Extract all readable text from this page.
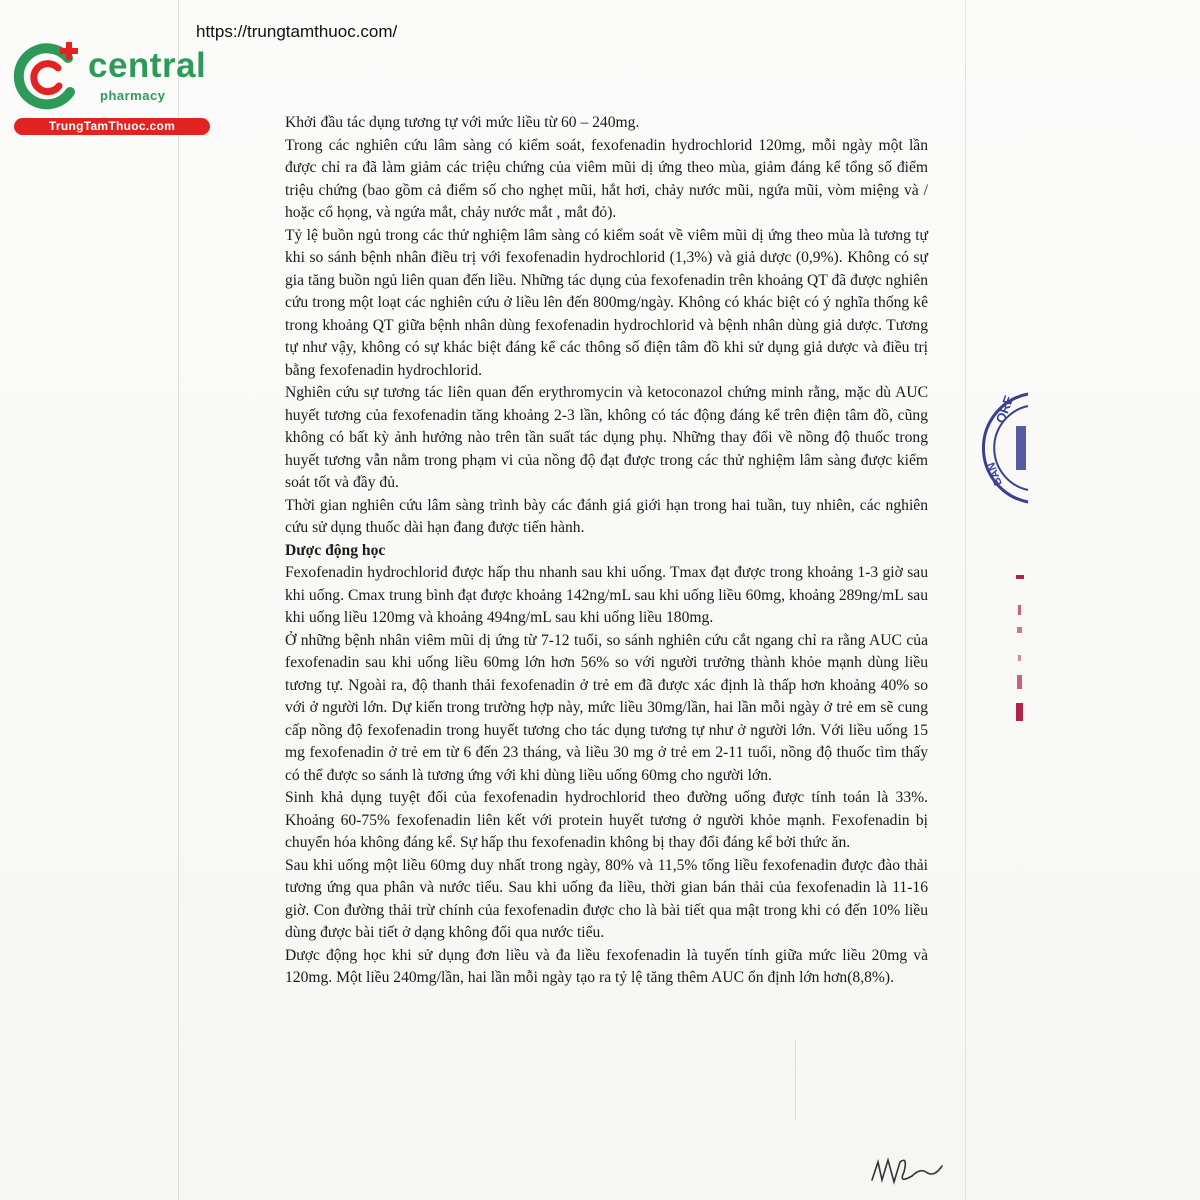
https://trungtamthuoc.com/
central
pharmacy
TrungTamThuoc.com	Khởi đầu tác dụng tương tự với mức liều từ 60 – 240mg.

Trong các nghiên cứu lâm sàng có kiểm soát, fexofenadin hydrochlorid 120mg, mỗi ngày một lần được chỉ ra đã làm giảm các triệu chứng của viêm mũi dị ứng theo mùa, giảm đáng kể tổng số điểm triệu chứng (bao gồm cả điểm số cho nghẹt mũi, hắt hơi, chảy nước mũi, ngứa mũi, vòm miệng và / hoặc cổ họng, và ngứa mắt, chảy nước mắt , mắt đỏ).

Tỷ lệ buồn ngủ trong các thử nghiệm lâm sàng có kiểm soát về viêm mũi dị ứng theo mùa là tương tự khi so sánh bệnh nhân điều trị với fexofenadin hydrochlorid (1,3%) và giả dược (0,9%). Không có sự gia tăng buồn ngủ liên quan đến liều. Những tác dụng của fexofenadin trên khoảng QT đã được nghiên cứu trong một loạt các nghiên cứu ở liều lên đến 800mg/ngày. Không có khác biệt có ý nghĩa thống kê trong khoảng QT giữa bệnh nhân dùng fexofenadin hydrochlorid và bệnh nhân dùng giả dược. Tương tự như vậy, không có sự khác biệt đáng kể các thông số điện tâm đồ khi sử dụng giả dược và điều trị bằng fexofenadin hydrochlorid.

Nghiên cứu sự tương tác liên quan đến erythromycin và ketoconazol chứng minh rằng, mặc dù AUC huyết tương của fexofenadin tăng khoảng 2-3 lần, không có tác động đáng kể trên điện tâm đồ, cũng không có bất kỳ ảnh hưởng nào trên tần suất tác dụng phụ. Những thay đổi về nồng độ thuốc trong huyết tương vẫn nằm trong phạm vi của nồng độ đạt được trong các thử nghiệm lâm sàng được kiểm soát tốt và đầy đủ.

Thời gian nghiên cứu lâm sàng trình bày các đánh giá giới hạn trong hai tuần, tuy nhiên, các nghiên cứu sử dụng thuốc dài hạn đang được tiến hành.

Dược động học

Fexofenadin hydrochlorid được hấp thu nhanh sau khi uống. Tmax đạt được trong khoảng 1-3 giờ sau khi uống. Cmax trung bình đạt được khoảng 142ng/mL sau khi uống liều 60mg, khoảng 289ng/mL sau khi uống liều 120mg và khoảng 494ng/mL sau khi uống liều 180mg.

Ở những bệnh nhân viêm mũi dị ứng từ 7-12 tuổi, so sánh nghiên cứu cắt ngang chỉ ra rằng AUC của fexofenadin sau khi uống liều 60mg lớn hơn 56% so với người trưởng thành khỏe mạnh dùng liều tương tự. Ngoài ra, độ thanh thải fexofenadin ở trẻ em đã được xác định là thấp hơn khoảng 40% so với ở người lớn. Dự kiến trong trường hợp này, mức liều 30mg/lần, hai lần mỗi ngày ở trẻ em sẽ cung cấp nồng độ fexofenadin trong huyết tương cho tác dụng tương tự như ở người lớn. Với liều uống 15 mg fexofenadin ở trẻ em từ 6 đến 23 tháng, và liều 30 mg ở trẻ em 2-11 tuổi, nồng độ thuốc tìm thấy có thể được so sánh là tương ứng với khi dùng liều uống 60mg cho người lớn.

Sinh khả dụng tuyệt đối của fexofenadin hydrochlorid theo đường uống được tính toán là 33%. Khoảng 60-75% fexofenadin liên kết với protein huyết tương ở người khỏe mạnh. Fexofenadin bị chuyển hóa không đáng kể. Sự hấp thu fexofenadin không bị thay đổi đáng kể bởi thức ăn.

Sau khi uống một liều 60mg duy nhất trong ngày, 80% và 11,5% tổng liều fexofenadin được đào thải tương ứng qua phân và nước tiểu. Sau khi uống đa liều, thời gian bán thải của fexofenadin là 11-16 giờ. Con đường thải trừ chính của fexofenadin được cho là bài tiết qua mật trong khi có đến 10% liều dùng được bài tiết ở dạng không đổi qua nước tiểu.

Dược động học khi sử dụng đơn liều và đa liều fexofenadin là tuyến tính giữa mức liều 20mg và 120mg. Một liều 240mg/lần, hai lần mỗi ngày tạo ra tỷ lệ tăng thêm AUC ổn định lớn hơn(8,8%).

ORE
BAN
